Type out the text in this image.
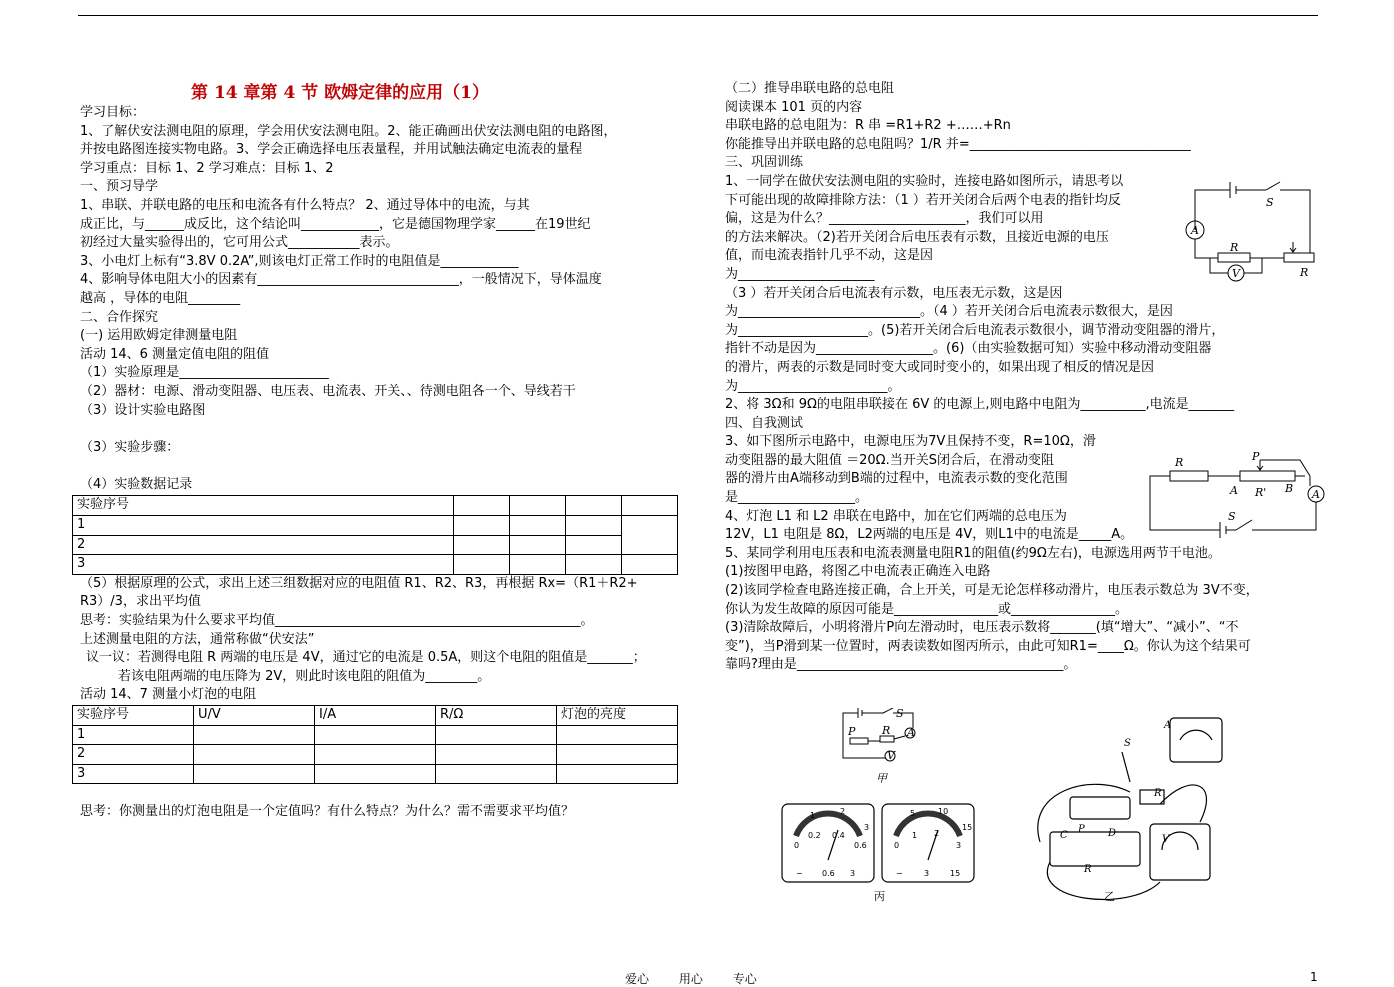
第 14 章第 4 节 欧姆定律的应用（1）
学习目标：
1、了解伏安法测电阻的原理，学会用伏安法测电阻。2、能正确画出伏安法测电阻的电路图，
并按电路图连接实物电路。3、学会正确选择电压表量程，并用试触法确定电流表的量程
学习重点：目标 1、2 学习难点：目标 1、2
一、预习导学
1、串联、并联电路的电压和电流各有什么特点？ 2、通过导体中的电流，与其
成正比，与______成反比，这个结论叫____________，它是德国物理学家______在19世纪
初经过大量实验得出的，它可用公式___________表示。
3、小电灯上标有“3.8V 0.2A”,则该电灯正常工作时的电阻值是____________
4、影响导体电阻大小的因素有_______________________________，一般情况下，导体温度
越高 ，导体的电阻________
二、合作探究
(一) 运用欧姆定律测量电阻
活动 14、6 测量定值电阻的阻值
（1）实验原理是_______________________
（2）器材：电源、滑动变阻器、电压表、电流表、开关、、待测电阻各一个、导线若干
（3）设计实验电路图
（3）实验步骤：
（4）实验数据记录
实验序号				
1				
2				
3				
（5）根据原理的公式，求出上述三组数据对应的电阻值 R1、R2、R3，再根据 Rx=（R1＋R2+
R3）/3，求出平均值
思考：实验结果为什么要求平均值_______________________________________________。
上述测量电阻的方法，通常称做“伏安法”
议一议：若测得电阻 R 两端的电压是 4V，通过它的电流是 0.5A，则这个电阻的阻值是_______；
若该电阻两端的电压降为 2V，则此时该电阻的阻值为________。
活动 14、7 测量小灯泡的电阻
实验序号	U/V	I/A	R/Ω	灯泡的亮度
1				
2				
3				
思考：你测量出的灯泡电阻是一个定值吗？有什么特点？为什么？需不需要求平均值？
（二）推导串联电路的总电阻
阅读课本 101 页的内容
串联电路的总电阻为：R 串 =R1+R2 +……+Rn
你能推导出并联电路的总电阻吗？1/R 并=__________________________________
三、巩固训练
1、一同学在做伏安法测电阻的实验时，连接电路如图所示，请思考以
下可能出现的故障排除方法：（1 ）若开关闭合后两个电表的指针均反
偏，这是为什么？_____________________，我们可以用
的方法来解决。（2)若开关闭合后电压表有示数，且接近电源的电压
值，而电流表指针几乎不动，这是因
为_____________________
（3 ）若开关闭合后电流表有示数，电压表无示数，这是因
为____________________________。（4 ）若开关闭合后电流表示数很大，是因
为____________________。(5)若开关闭合后电流表示数很小，调节滑动变阻器的滑片，
指针不动是因为__________________。(6)（由实验数据可知）实验中移动滑动变阻器
的滑片，两表的示数是同时变大或同时变小的，如果出现了相反的情况是因
为_______________________。
2、将 3Ω和 9Ω的电阻串联接在 6V 的电源上,则电路中电阻为__________,电流是_______
四、自我测试
3、如下图所示电路中，电源电压为7V且保持不变，R=10Ω，滑
动变阻器的最大阻值 ＝20Ω.当开关S闭合后，在滑动变阻
器的滑片由A端移动到B端的过程中，电流表示数的变化范围
是__________________。
4、灯泡 L1 和 L2 串联在电路中，加在它们两端的总电压为
12V，L1 电阻是 8Ω，L2两端的电压是 4V，则L1中的电流是_____A。
5、某同学利用电压表和电流表测量电阻R1的阻值(约9Ω左右)，电源选用两节干电池。
(1)按图甲电路，将图乙中电流表正确连入电路
(2)该同学检查电路连接正确，合上开关，可是无论怎样移动滑片，电压表示数总为 3V不变，
你认为发生故障的原因可能是________________或________________。
(3)清除故障后，小明将滑片P向左滑动时，电压表示数将_______(填“增大”、“减小”、“不
变”)，当P滑到某一位置时，两表读数如图丙所示，由此可知R1=____Ω。你认为这个结果可
靠吗?理由是_________________________________________。
S
A
R
V	R
R	P
A R' B A
S
S
A
V
P R
甲
0
0.2 0.4
0.6
1	2
3
− 0.6 3
0
1 2
3
5	10
15
−	3	15
丙
S
A
R
C
P D
R
V
乙
爱心 用心 专心	1
